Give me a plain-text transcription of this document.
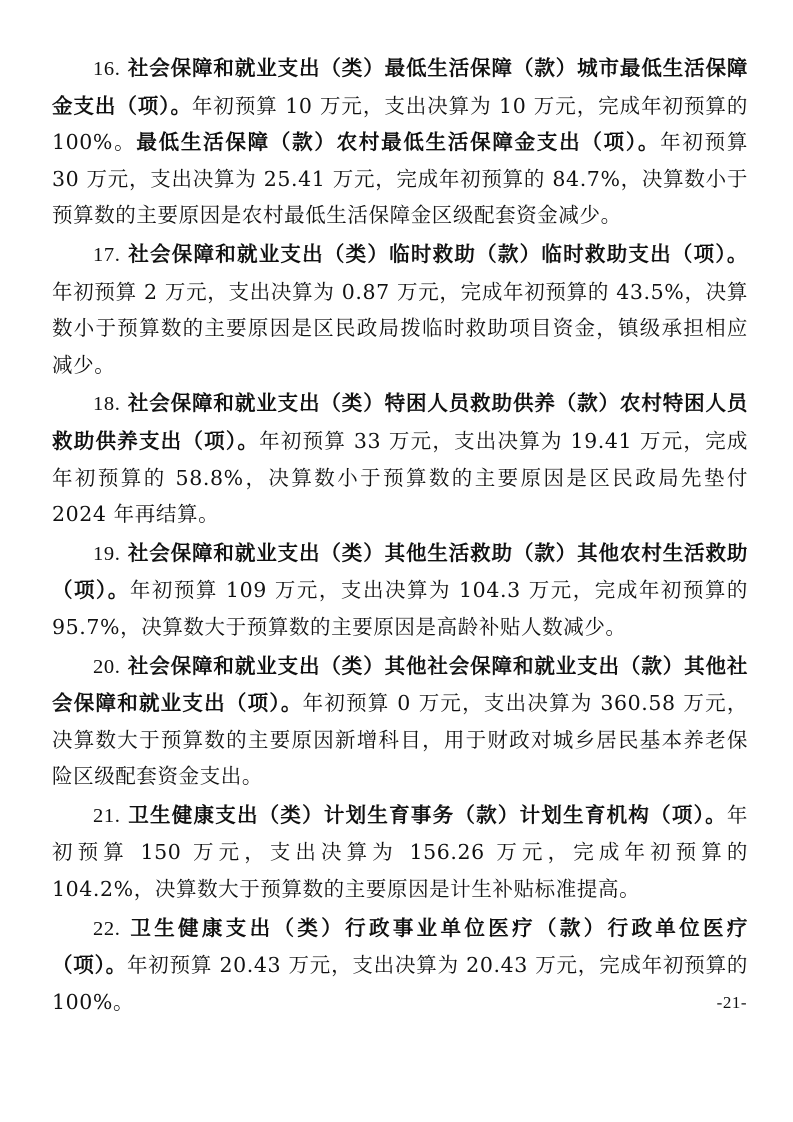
16. 社会保障和就业支出（类）最低生活保障（款）城市最低生活保障金支出（项）。年初预算 10 万元，支出决算为 10 万元，完成年初预算的 100%。最低生活保障（款）农村最低生活保障金支出（项）。年初预算 30 万元，支出决算为 25.41 万元，完成年初预算的 84.7%，决算数小于预算数的主要原因是农村最低生活保障金区级配套资金减少。

17. 社会保障和就业支出（类）临时救助（款）临时救助支出（项）。年初预算 2 万元，支出决算为 0.87 万元，完成年初预算的 43.5%，决算数小于预算数的主要原因是区民政局拨临时救助项目资金，镇级承担相应减少。

18. 社会保障和就业支出（类）特困人员救助供养（款）农村特困人员救助供养支出（项）。年初预算 33 万元，支出决算为 19.41 万元，完成年初预算的 58.8%，决算数小于预算数的主要原因是区民政局先垫付 2024 年再结算。

19. 社会保障和就业支出（类）其他生活救助（款）其他农村生活救助（项）。年初预算 109 万元，支出决算为 104.3 万元，完成年初预算的 95.7%，决算数大于预算数的主要原因是高龄补贴人数减少。

20. 社会保障和就业支出（类）其他社会保障和就业支出（款）其他社会保障和就业支出（项）。年初预算 0 万元，支出决算为 360.58 万元，决算数大于预算数的主要原因新增科目，用于财政对城乡居民基本养老保险区级配套资金支出。

21. 卫生健康支出（类）计划生育事务（款）计划生育机构（项）。年初预算 150 万元，支出决算为 156.26 万元，完成年初预算的 104.2%，决算数大于预算数的主要原因是计生补贴标准提高。

22. 卫生健康支出（类）行政事业单位医疗（款）行政单位医疗（项）。年初预算 20.43 万元，支出决算为 20.43 万元，完成年初预算的 100%。	-21-
